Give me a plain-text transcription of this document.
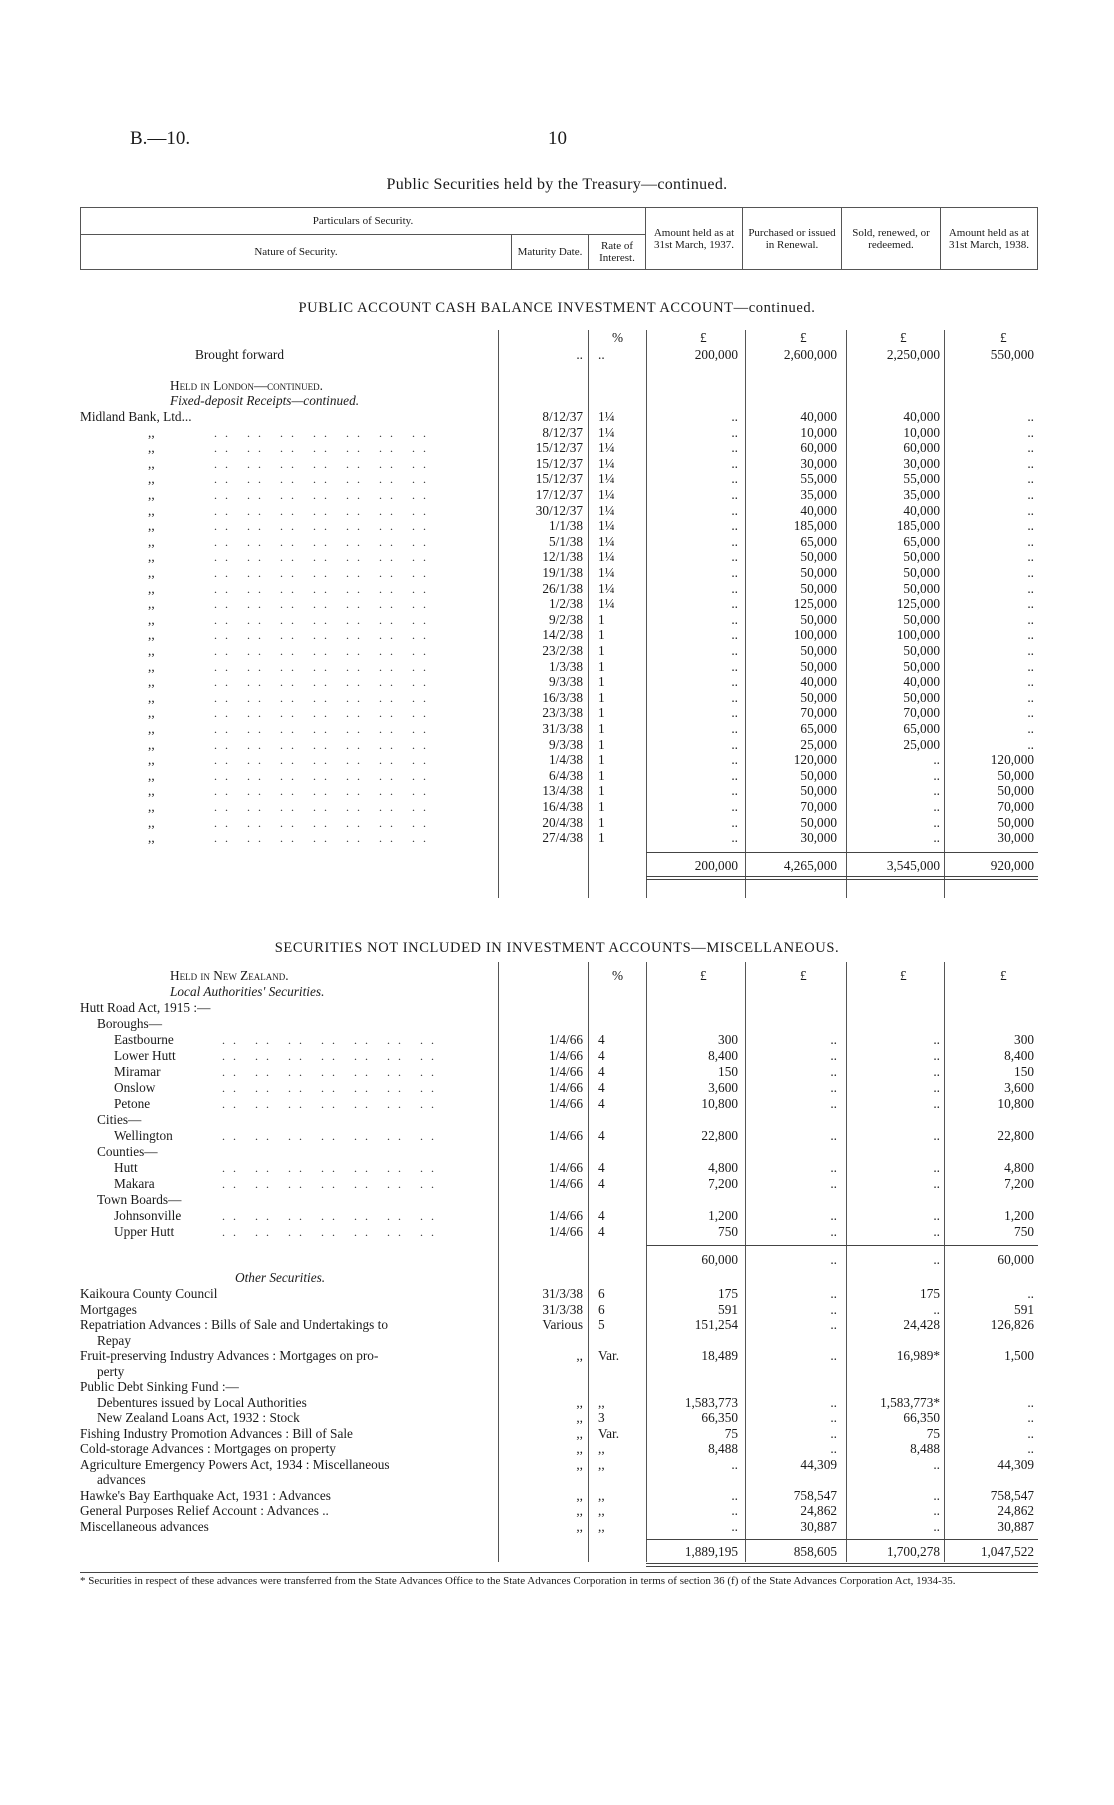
B.—10.	10
Public Securities held by the Treasury—continued.
Particulars of Security.			Amount held as at 31st March, 1937.	Purchased or issued in Renewal.	Sold, renewed, or redeemed.	Amount held as at 31st March, 1938.
Nature of Security.	Maturity Date.	Rate of Interest.				
PUBLIC ACCOUNT CASH BALANCE INVESTMENT ACCOUNT—continued.
%	£	£	£	£
Brought forward	.. ..	200,000	2,600,000	2,250,000	550,000
Held in London—continued.
Fixed-deposit Receipts—continued.
Midland Bank, Ltd...	8/12/37 1¼	..	40,000	40,000	..
,,	.. .. .. .. .. .. ..	8/12/37 1¼	..	10,000	10,000	..
,,	.. .. .. .. .. .. ..	15/12/37 1¼	..	60,000	60,000	..
,,	.. .. .. .. .. .. ..	15/12/37 1¼	..	30,000	30,000	..
,,	.. .. .. .. .. .. ..	15/12/37 1¼	..	55,000	55,000	..
,,	.. .. .. .. .. .. ..	17/12/37 1¼	..	35,000	35,000	..
,,	.. .. .. .. .. .. ..	30/12/37 1¼	..	40,000	40,000	..
,,	.. .. .. .. .. .. ..	1/1/38 1¼	..	185,000	185,000	..
,,	.. .. .. .. .. .. ..	5/1/38 1¼	..	65,000	65,000	..
,,	.. .. .. .. .. .. ..	12/1/38 1¼	..	50,000	50,000	..
,,	.. .. .. .. .. .. ..	19/1/38 1¼	..	50,000	50,000	..
,,	.. .. .. .. .. .. ..	26/1/38 1¼	..	50,000	50,000	..
,,	.. .. .. .. .. .. ..	1/2/38 1¼	..	125,000	125,000	..
,,	.. .. .. .. .. .. ..	9/2/38 1	..	50,000	50,000	..
,,	.. .. .. .. .. .. ..	14/2/38 1	..	100,000	100,000	..
,,	.. .. .. .. .. .. ..	23/2/38 1	..	50,000	50,000	..
,,	.. .. .. .. .. .. ..	1/3/38 1	..	50,000	50,000	..
,,	.. .. .. .. .. .. ..	9/3/38 1	..	40,000	40,000	..
,,	.. .. .. .. .. .. ..	16/3/38 1	..	50,000	50,000	..
,,	.. .. .. .. .. .. ..	23/3/38 1	..	70,000	70,000	..
,,	.. .. .. .. .. .. ..	31/3/38 1	..	65,000	65,000	..
,,	.. .. .. .. .. .. ..	9/3/38 1	..	25,000	25,000	..
,,	.. .. .. .. .. .. ..	1/4/38 1	..	120,000	..	120,000
,,	.. .. .. .. .. .. ..	6/4/38 1	..	50,000	..	50,000
,,	.. .. .. .. .. .. ..	13/4/38 1	..	50,000	..	50,000
,,	.. .. .. .. .. .. ..	16/4/38 1	..	70,000	..	70,000
,,	.. .. .. .. .. .. ..	20/4/38 1	..	50,000	..	50,000
,,	.. .. .. .. .. .. ..	27/4/38 1	..	30,000	..	30,000
200,000	4,265,000	3,545,000	920,000
SECURITIES NOT INCLUDED IN INVESTMENT ACCOUNTS—MISCELLANEOUS.
%	£	£	£	£
Held in New Zealand.
Local Authorities' Securities.
Hutt Road Act, 1915 :—
Boroughs—
Eastbourne	.. .. .. .. .. .. ..	1/4/66 4	300	..	..	300
Lower Hutt	.. .. .. .. .. .. ..	1/4/66 4	8,400	..	..	8,400
Miramar	.. .. .. .. .. .. ..	1/4/66 4	150	..	..	150
Onslow	.. .. .. .. .. .. ..	1/4/66 4	3,600	..	..	3,600
Petone	.. .. .. .. .. .. ..	1/4/66 4	10,800	..	..	10,800
Cities—
Wellington	.. .. .. .. .. .. ..	1/4/66 4	22,800	..	..	22,800
Counties—
Hutt	.. .. .. .. .. .. ..	1/4/66 4	4,800	..	..	4,800
Makara	.. .. .. .. .. .. ..	1/4/66 4	7,200	..	..	7,200
Town Boards—
Johnsonville	.. .. .. .. .. .. ..	1/4/66 4	1,200	..	..	1,200
Upper Hutt	.. .. .. .. .. .. ..	1/4/66 4	750	..	..	750
60,000	..	..	60,000
Other Securities.
Kaikoura County Council	31/3/38 6	175	..	175	..
Mortgages	31/3/38 6	591	..	..	591
Repatriation Advances : Bills of Sale and Undertakings to	Various 5	151,254	..	24,428	126,826
Repay
Fruit-preserving Industry Advances : Mortgages on pro-	,, Var.	18,489	..	16,989*	1,500
perty
Public Debt Sinking Fund :—
Debentures issued by Local Authorities	,, ,,	1,583,773	..	1,583,773*	..
New Zealand Loans Act, 1932 : Stock	,, 3	66,350	..	66,350	..
Fishing Industry Promotion Advances : Bill of Sale	,, Var.	75	..	75	..
Cold-storage Advances : Mortgages on property	,, ,,	8,488	..	8,488	..
Agriculture Emergency Powers Act, 1934 : Miscellaneous	,, ,,	..	44,309	..	44,309
advances
Hawke's Bay Earthquake Act, 1931 : Advances	,, ,,	..	758,547	..	758,547
General Purposes Relief Account : Advances ..	,, ,,	..	24,862	..	24,862
Miscellaneous advances	,, ,,	..	30,887	..	30,887
1,889,195	858,605	1,700,278	1,047,522
* Securities in respect of these advances were transferred from the State Advances Office to the State Advances Corporation in terms of section 36 (f) of the State Advances Corporation Act, 1934-35.
